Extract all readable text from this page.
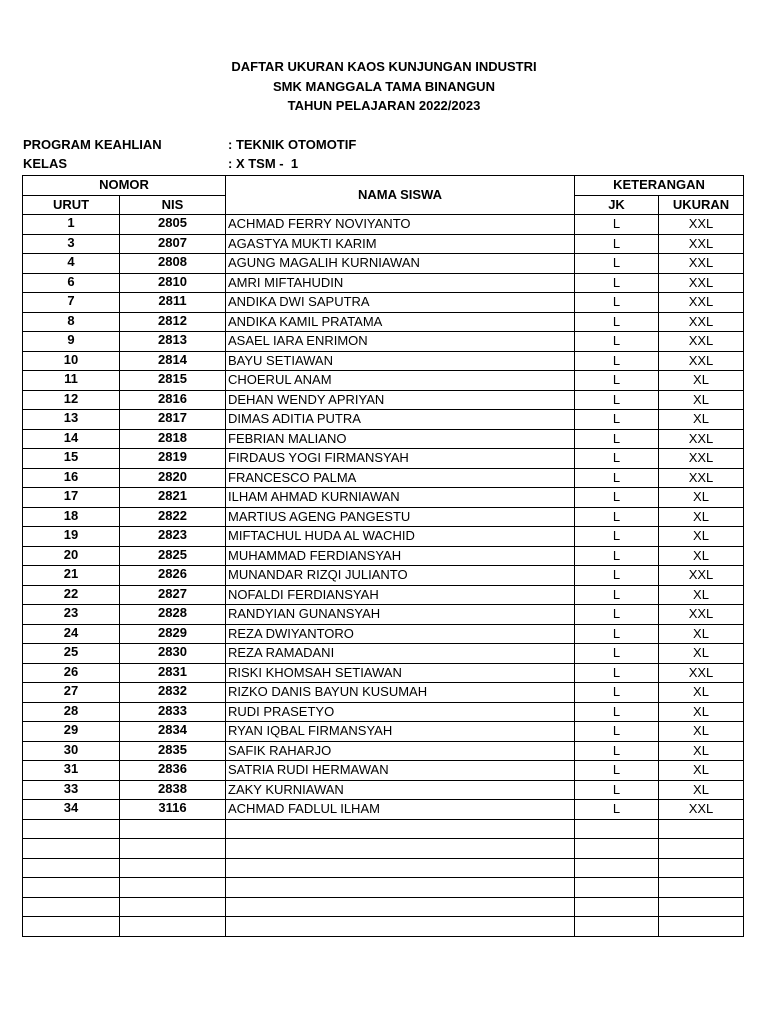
DAFTAR UKURAN KAOS KUNJUNGAN INDUSTRI
SMK MANGGALA TAMA BINANGUN
TAHUN PELAJARAN 2022/2023
PROGRAM KEAHLIAN	: TEKNIK OTOMOTIF
KELAS	: X TSM -  1
NOMOR		NAMA SISWA	KETERANGAN	
URUT	NIS		JK	UKURAN
1	2805	ACHMAD FERRY NOVIYANTO	L	XXL
3	2807	AGASTYA MUKTI KARIM	L	XXL
4	2808	AGUNG MAGALIH KURNIAWAN	L	XXL
6	2810	AMRI MIFTAHUDIN	L	XXL
7	2811	ANDIKA DWI SAPUTRA	L	XXL
8	2812	ANDIKA KAMIL PRATAMA	L	XXL
9	2813	ASAEL IARA ENRIMON	L	XXL
10	2814	BAYU SETIAWAN	L	XXL
11	2815	CHOERUL ANAM	L	XL
12	2816	DEHAN WENDY APRIYAN	L	XL
13	2817	DIMAS ADITIA PUTRA	L	XL
14	2818	FEBRIAN MALIANO	L	XXL
15	2819	FIRDAUS YOGI FIRMANSYAH	L	XXL
16	2820	FRANCESCO PALMA	L	XXL
17	2821	ILHAM AHMAD KURNIAWAN	L	XL
18	2822	MARTIUS AGENG PANGESTU	L	XL
19	2823	MIFTACHUL HUDA AL WACHID	L	XL
20	2825	MUHAMMAD FERDIANSYAH	L	XL
21	2826	MUNANDAR RIZQI JULIANTO	L	XXL
22	2827	NOFALDI FERDIANSYAH	L	XL
23	2828	RANDYIAN GUNANSYAH	L	XXL
24	2829	REZA DWIYANTORO	L	XL
25	2830	REZA RAMADANI	L	XL
26	2831	RISKI KHOMSAH SETIAWAN	L	XXL
27	2832	RIZKO DANIS BAYUN KUSUMAH	L	XL
28	2833	RUDI PRASETYO	L	XL
29	2834	RYAN IQBAL FIRMANSYAH	L	XL
30	2835	SAFIK RAHARJO	L	XL
31	2836	SATRIA RUDI HERMAWAN	L	XL
33	2838	ZAKY KURNIAWAN	L	XL
34	3116	ACHMAD FADLUL ILHAM	L	XXL
